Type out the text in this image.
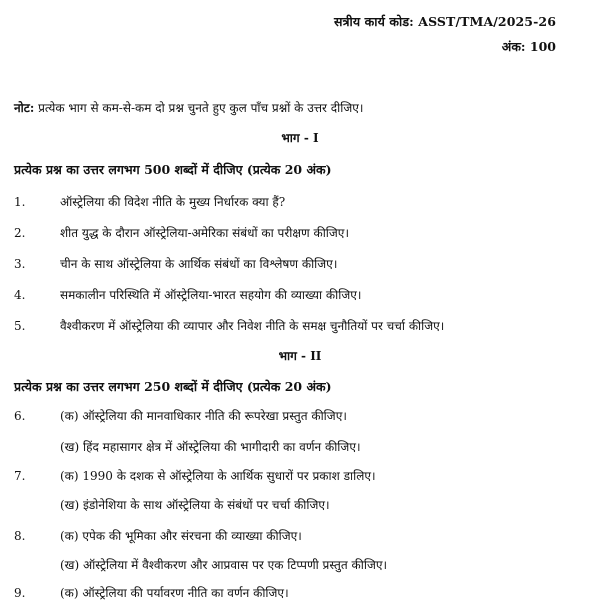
सत्रीय कार्य कोड: ASST/TMA/2025-26
अंक: 100
नोट: प्रत्येक भाग से कम-से-कम दो प्रश्न चुनते हुए कुल पाँच प्रश्नों के उत्तर दीजिए।
भाग - I
प्रत्येक प्रश्न का उत्तर लगभग 500 शब्दों में दीजिए (प्रत्येक 20 अंक)
1.	ऑस्ट्रेलिया की विदेश नीति के मुख्य निर्धारक क्या हैं?
2.	शीत युद्ध के दौरान ऑस्ट्रेलिया-अमेरिका संबंधों का परीक्षण कीजिए।
3.	चीन के साथ ऑस्ट्रेलिया के आर्थिक संबंधों का विश्लेषण कीजिए।
4.	समकालीन परिस्थिति में ऑस्ट्रेलिया-भारत सहयोग की व्याख्या कीजिए।
5.	वैश्वीकरण में ऑस्ट्रेलिया की व्यापार और निवेश नीति के समक्ष चुनौतियों पर चर्चा कीजिए।
भाग - II
प्रत्येक प्रश्न का उत्तर लगभग 250 शब्दों में दीजिए (प्रत्येक 20 अंक)
6.	(क) ऑस्ट्रेलिया की मानवाधिकार नीति की रूपरेखा प्रस्तुत कीजिए।
(ख) हिंद महासागर क्षेत्र में ऑस्ट्रेलिया की भागीदारी का वर्णन कीजिए।
7.	(क) 1990 के दशक से ऑस्ट्रेलिया के आर्थिक सुधारों पर प्रकाश डालिए।
(ख) इंडोनेशिया के साथ ऑस्ट्रेलिया के संबंधों पर चर्चा कीजिए।
8.	(क) एपेक की भूमिका और संरचना की व्याख्या कीजिए।
(ख) ऑस्ट्रेलिया में वैश्वीकरण और आप्रवास पर एक टिप्पणी प्रस्तुत कीजिए।
9.	(क) ऑस्ट्रेलिया की पर्यावरण नीति का वर्णन कीजिए।
